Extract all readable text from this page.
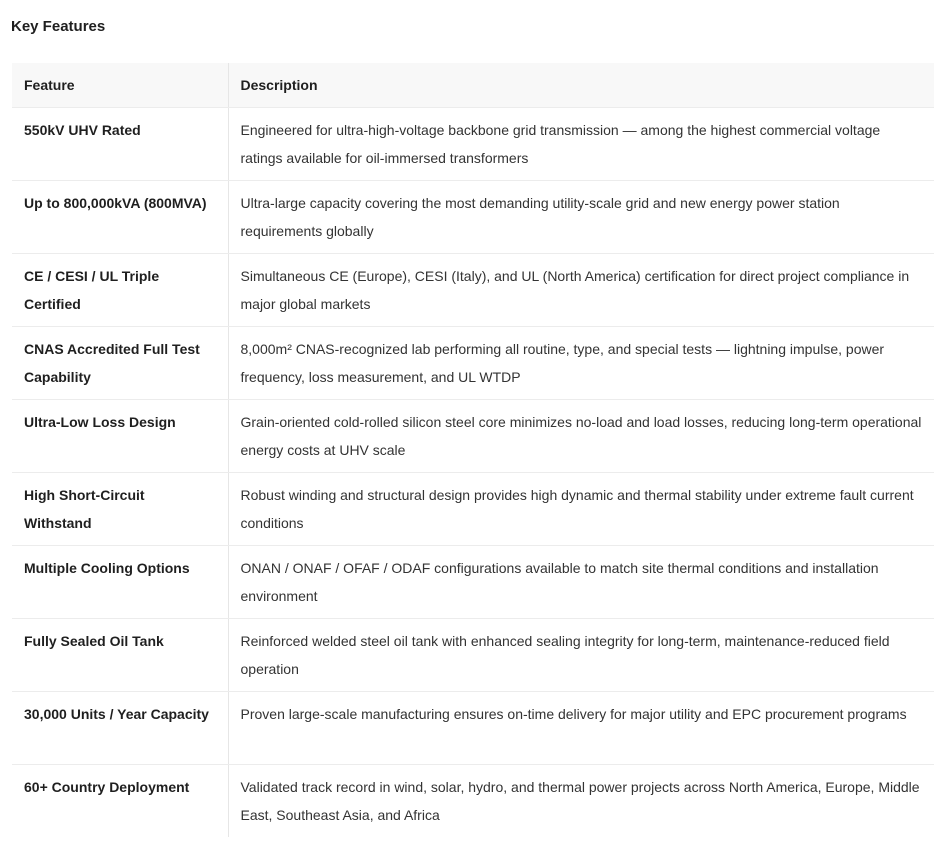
Key Features
Feature	Description
550kV UHV Rated	Engineered for ultra-high-voltage backbone grid transmission — among the highest commercial voltage ratings available for oil-immersed transformers
Up to 800,000kVA (800MVA)	Ultra-large capacity covering the most demanding utility-scale grid and new energy power station requirements globally
CE / CESI / UL Triple Certified	Simultaneous CE (Europe), CESI (Italy), and UL (North America) certification for direct project compliance in major global markets
CNAS Accredited Full Test Capability	8,000m² CNAS-recognized lab performing all routine, type, and special tests — lightning impulse, power frequency, loss measurement, and UL WTDP
Ultra-Low Loss Design	Grain-oriented cold-rolled silicon steel core minimizes no-load and load losses, reducing long-term operational energy costs at UHV scale
High Short-Circuit Withstand	Robust winding and structural design provides high dynamic and thermal stability under extreme fault current conditions
Multiple Cooling Options	ONAN / ONAF / OFAF / ODAF configurations available to match site thermal conditions and installation environment
Fully Sealed Oil Tank	Reinforced welded steel oil tank with enhanced sealing integrity for long-term, maintenance-reduced field operation
30,000 Units / Year Capacity	Proven large-scale manufacturing ensures on-time delivery for major utility and EPC procurement programs
60+ Country Deployment	Validated track record in wind, solar, hydro, and thermal power projects across North America, Europe, Middle East, Southeast Asia, and Africa
